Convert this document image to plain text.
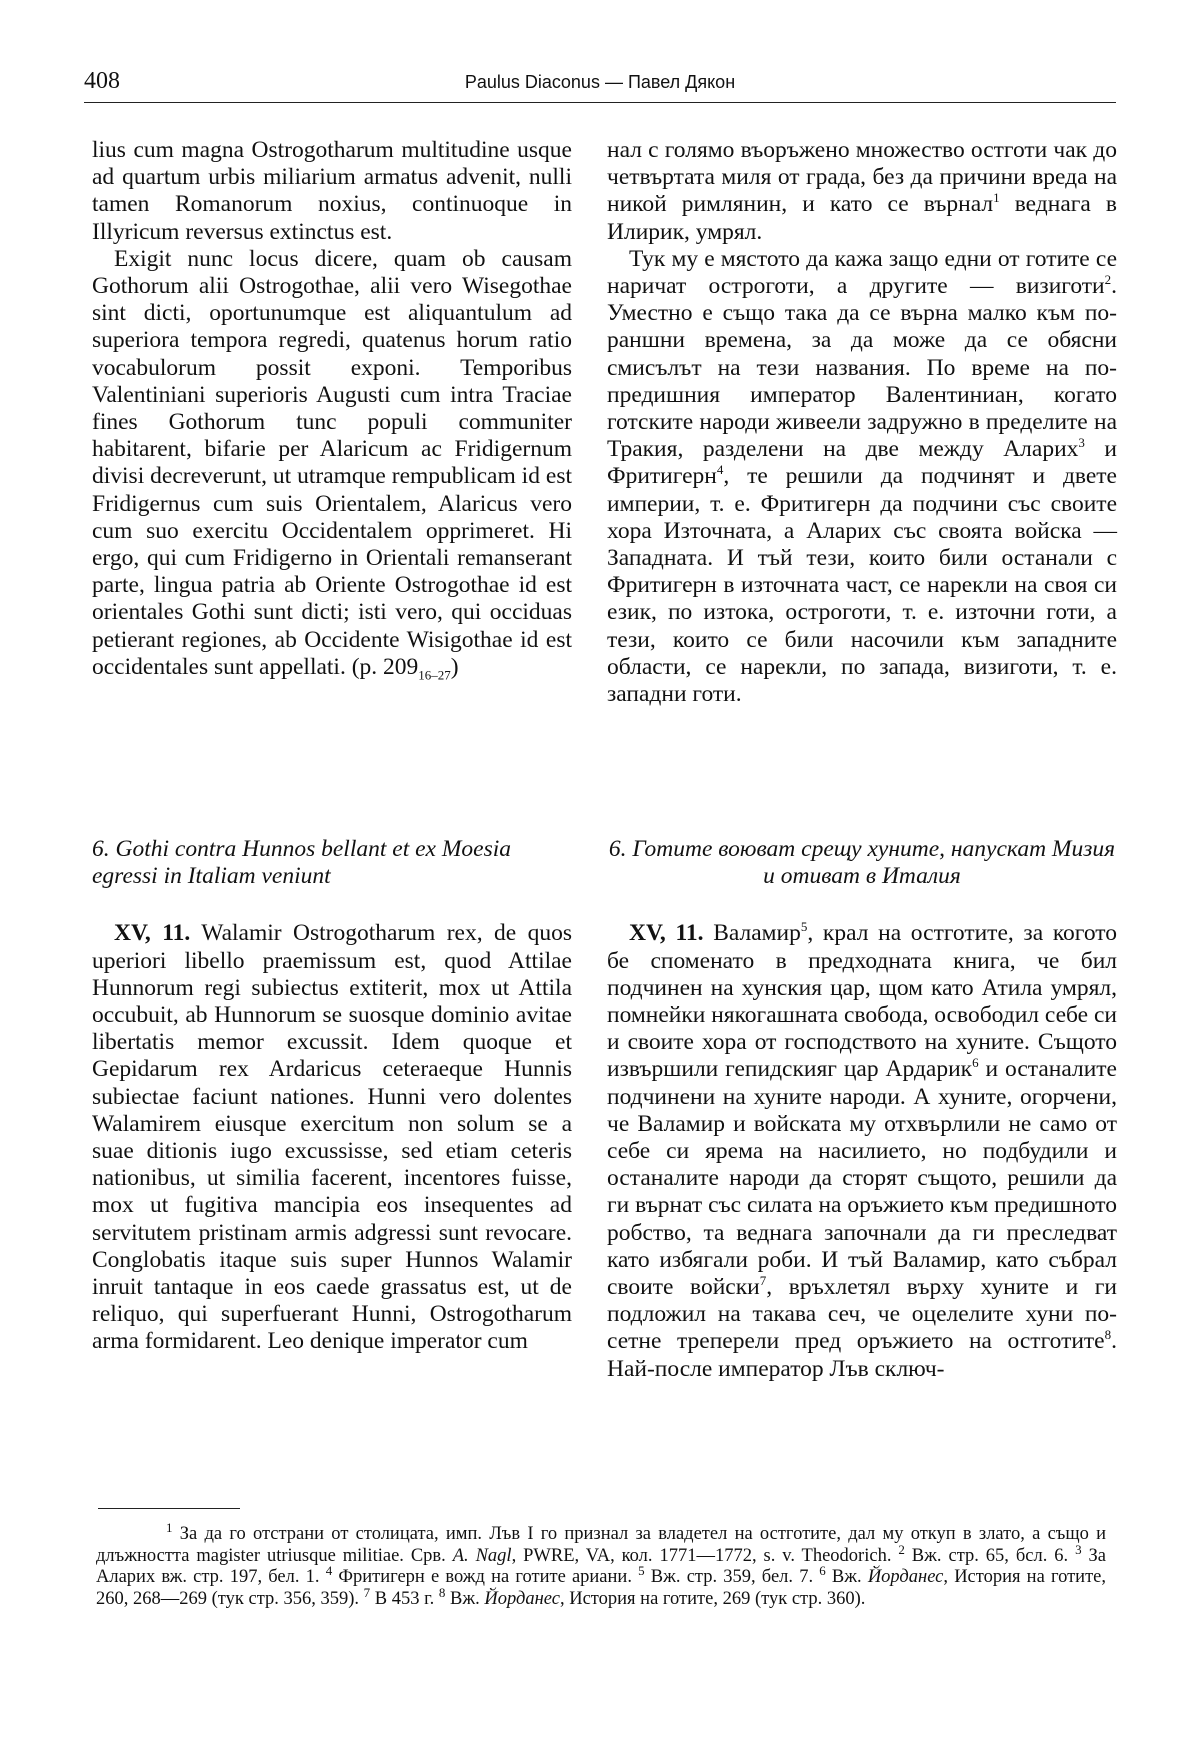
408	Paulus Diaconus — Павел Дякон

lius cum magna Ostrogotharum multitudine usque ad quartum urbis miliarium armatus advenit, nulli tamen Romanorum noxius, continuoque in Illyricum reversus extinctus est.

Exigit nunc locus dicere, quam ob causam Gothorum alii Ostrogothae, alii vero Wisegothae sint dicti, oportunumque est aliquantulum ad superiora tempora regredi, quatenus horum ratio vocabulorum possit exponi. Temporibus Valentiniani superioris Augusti cum intra Traciae fines Gothorum tunc populi communiter habitarent, bifarie per Alaricum ac Fridigernum divisi decreverunt, ut utramque rempublicam id est Fridigernus cum suis Orientalem, Alaricus vero cum suo exercitu Occidentalem opprimeret. Hi ergo, qui cum Fridigerno in Orientali remanserant parte, lingua patria ab Oriente Ostrogothae id est orientales Gothi sunt dicti; isti vero, qui occiduas petierant regiones, ab Occidente Wisigothae id est occidentales sunt appellati. (p. $209_{16-27}$)

нал с голямо въоръжено множество остготи чак до четвъртата миля от града, без да причини вреда на никой римлянин, и като се върнал$^1$ веднага в Илирик, умрял.

Тук му е мястото да кажа защо едни от готите се наричат остроготи, а другите — визиготи$^2$. Уместно е също така да се върна малко към по-раншни времена, за да може да се обясни смисълът на тези названия. По време на по-предишния император Валентиниан, когато готските народи живеели задружно в пределите на Тракия, разделени на две между Аларих$^3$ и Фритигерн$^4$, те решили да подчинят и двете империи, т. е. Фритигерн да подчини със своите хора Източната, а Аларих със своята войска — Западната. И тъй тези, които били останали с Фритигерн в източната част, се нарекли на своя си език, по изтока, остроготи, т. е. източни готи, а тези, които се били насочили към западните области, се нарекли, по запада, визиготи, т. е. западни готи.

6. Gothi contra Hunnos bellant et ex Moesia egressi in Italiam veniunt

XV, 11. Walamir Ostrogotharum rex, de quos uperiori libello praemissum est, quod Attilae Hunnorum regi subiectus extiterit, mox ut Attila occubuit, ab Hunnorum se suosque dominio avitae libertatis memor excussit. Idem quoque et Gepidarum rex Ardaricus ceteraeque Hunnis subiectae faciunt nationes. Hunni vero dolentes Walamirem eiusque exercitum non solum se a suae ditionis iugo excussisse, sed etiam ceteris nationibus, ut similia facerent, incentores fuisse, mox ut fugitiva mancipia eos insequentes ad servitutem pristinam armis adgressi sunt revocare. Conglobatis itaque suis super Hunnos Walamir inruit tantaque in eos caede grassatus est, ut de reliquo, qui superfuerant Hunni, Ostrogotharum arma formidarent. Leo denique imperator cum

6. Готите воюват срещу хуните, напускат Мизия и отиват в Италия

XV, 11. Валамир$^5$, крал на остготите, за когото бе споменато в предходната книга, че бил подчинен на хунския цар, щом като Атила умрял, помнейки някогашната свобода, освободил себе си и своите хора от господството на хуните. Същото извършили гепидскияг цар Ардарик$^6$ и останалите подчинени на хуните народи. А хуните, огорчени, че Валамир и войската му отхвърлили не само от себе си ярема на насилието, но подбудили и останалите народи да сторят същото, решили да ги върнат със силата на оръжието към предишното робство, та веднага започнали да ги преследват като избягали роби. И тъй Валамир, като събрал своите войски$^7$, връхлетял върху хуните и ги подложил на такава сеч, че оцелелите хуни по-сетне треперели пред оръжието на остготите$^8$. Най-после император Лъв сключ-

$^1$ За да го отстрани от столицата, имп. Лъв I го признал за владетел на остготите, дал му откуп в злато, а също и длъжността magister utriusque militiae. Срв. A. Nagl, PWRE, VA, кол. 1771—1772, s. v. Theodorich. $^2$ Вж. стр. 65, бсл. 6. $^3$ За Аларих вж. стр. 197, бел. 1. $^4$ Фритигерн е вожд на готите ариани. $^5$ Вж. стр. 359, бел. 7. $^6$ Вж. Йорданес, История на готите, 260, 268—269 (тук стр. 356, 359). $^7$ В 453 г. $^8$ Вж. Йорданес, История на готите, 269 (тук стр. 360).
